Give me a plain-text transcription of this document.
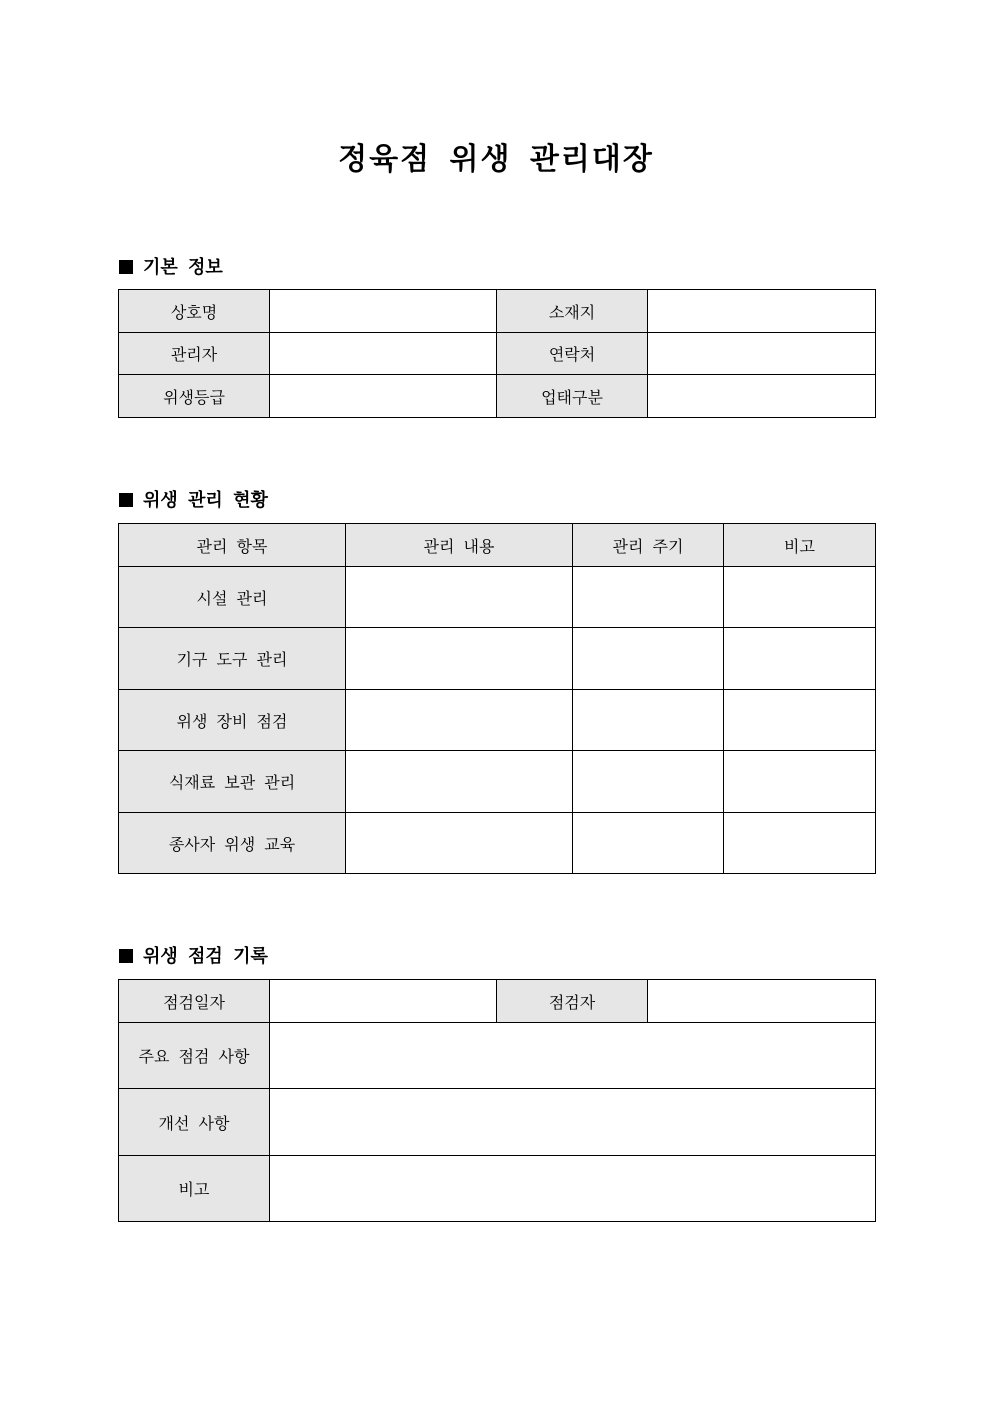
정육점 위생 관리대장
기본 정보
상호명		소재지	
관리자		연락처	
위생등급		업태구분	
위생 관리 현황
관리 항목	관리 내용	관리 주기	비고
시설 관리			
기구 도구 관리			
위생 장비 점검			
식재료 보관 관리			
종사자 위생 교육			
위생 점검 기록
점검일자		점검자	
주요 점검 사항			
개선 사항			
비고			
